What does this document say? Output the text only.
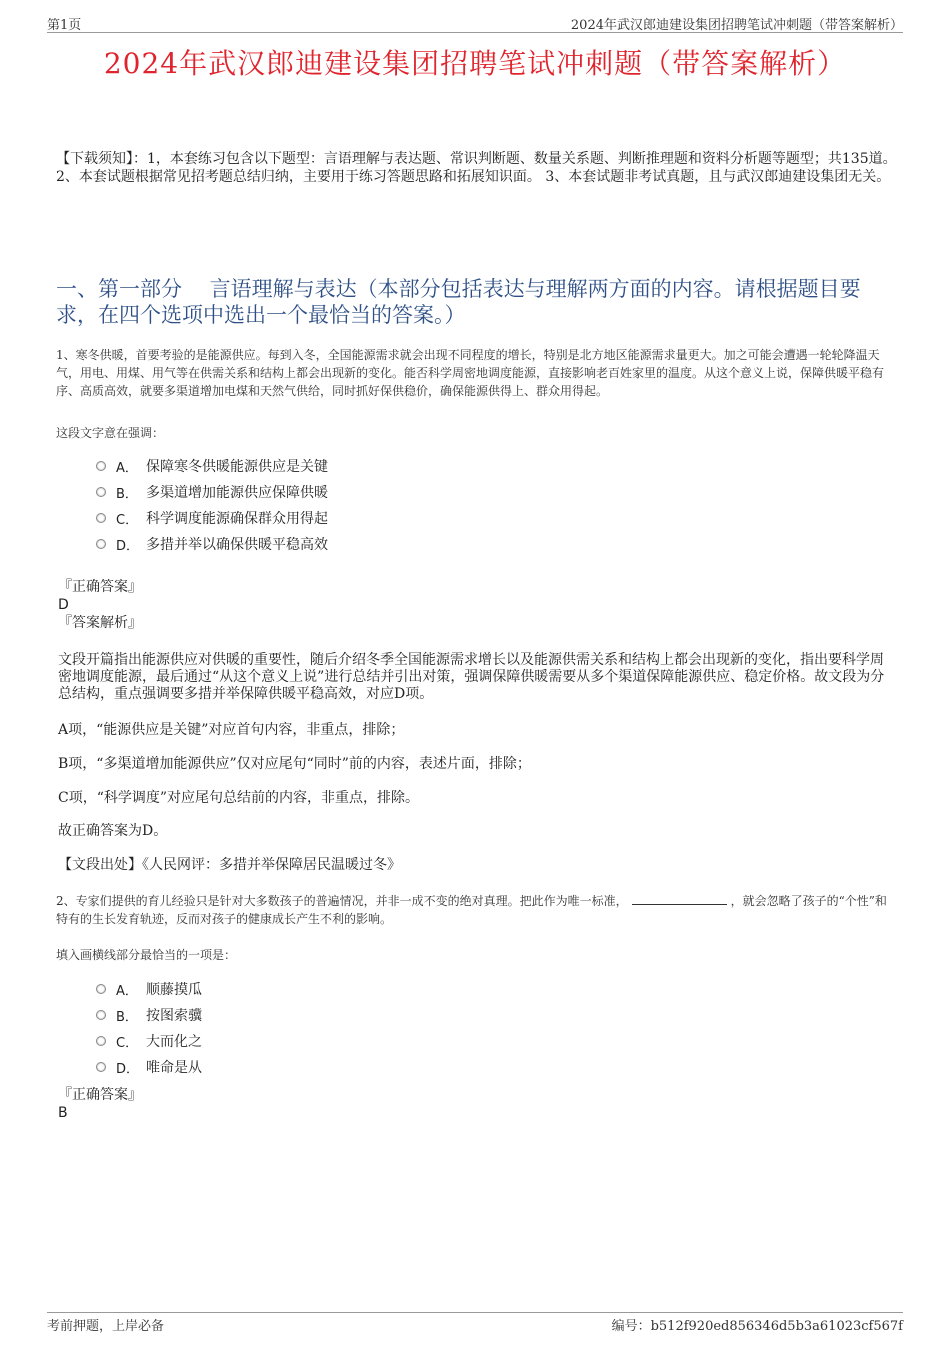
第1页	2024年武汉郎迪建设集团招聘笔试冲刺题（带答案解析）
2024年武汉郎迪建设集团招聘笔试冲刺题（带答案解析）
【下载须知】：1，本套练习包含以下题型：言语理解与表达题、常识判断题、数量关系题、判断推理题和资料分析题等题型；共135道。 2、本套试题根据常见招考题总结归纳，主要用于练习答题思路和拓展知识面。 3、本套试题非考试真题，且与武汉郎迪建设集团无关。
一、第一部分　 言语理解与表达（本部分包括表达与理解两方面的内容。请根据题目要求，在四个选项中选出一个最恰当的答案。）
1、寒冬供暖，首要考验的是能源供应。每到入冬，全国能源需求就会出现不同程度的增长，特别是北方地区能源需求量更大。加之可能会遭遇一轮轮降温天气，用电、用煤、用气等在供需关系和结构上都会出现新的变化。能否科学周密地调度能源，直接影响老百姓家里的温度。从这个意义上说，保障供暖平稳有序、高质高效，就要多渠道增加电煤和天然气供给，同时抓好保供稳价，确保能源供得上、群众用得起。
这段文字意在强调：
A． 保障寒冬供暖能源供应是关键
B． 多渠道增加能源供应保障供暖
C． 科学调度能源确保群众用得起
D． 多措并举以确保供暖平稳高效
『正确答案』
D
『答案解析』
文段开篇指出能源供应对供暖的重要性，随后介绍冬季全国能源需求增长以及能源供需关系和结构上都会出现新的变化，指出要科学周密地调度能源，最后通过“从这个意义上说”进行总结并引出对策，强调保障供暖需要从多个渠道保障能源供应、稳定价格。故文段为分总结构，重点强调要多措并举保障供暖平稳高效，对应D项。
A项，“能源供应是关键”对应首句内容，非重点，排除；
B项，“多渠道增加能源供应”仅对应尾句“同时”前的内容，表述片面，排除；
C项，“科学调度”对应尾句总结前的内容，非重点，排除。
故正确答案为D。
【文段出处】《人民网评：多措并举保障居民温暖过冬》
2、专家们提供的育儿经验只是针对大多数孩子的普遍情况，并非一成不变的绝对真理。把此作为唯一标准，	，就会忽略了孩子的“个性”和特有的生长发育轨迹，反而对孩子的健康成长产生不利的影响。
填入画横线部分最恰当的一项是：
A． 顺藤摸瓜
B． 按图索骥
C． 大而化之
D． 唯命是从
『正确答案』
B
考前押题，上岸必备	编号：b512f920ed856346d5b3a61023cf567f
